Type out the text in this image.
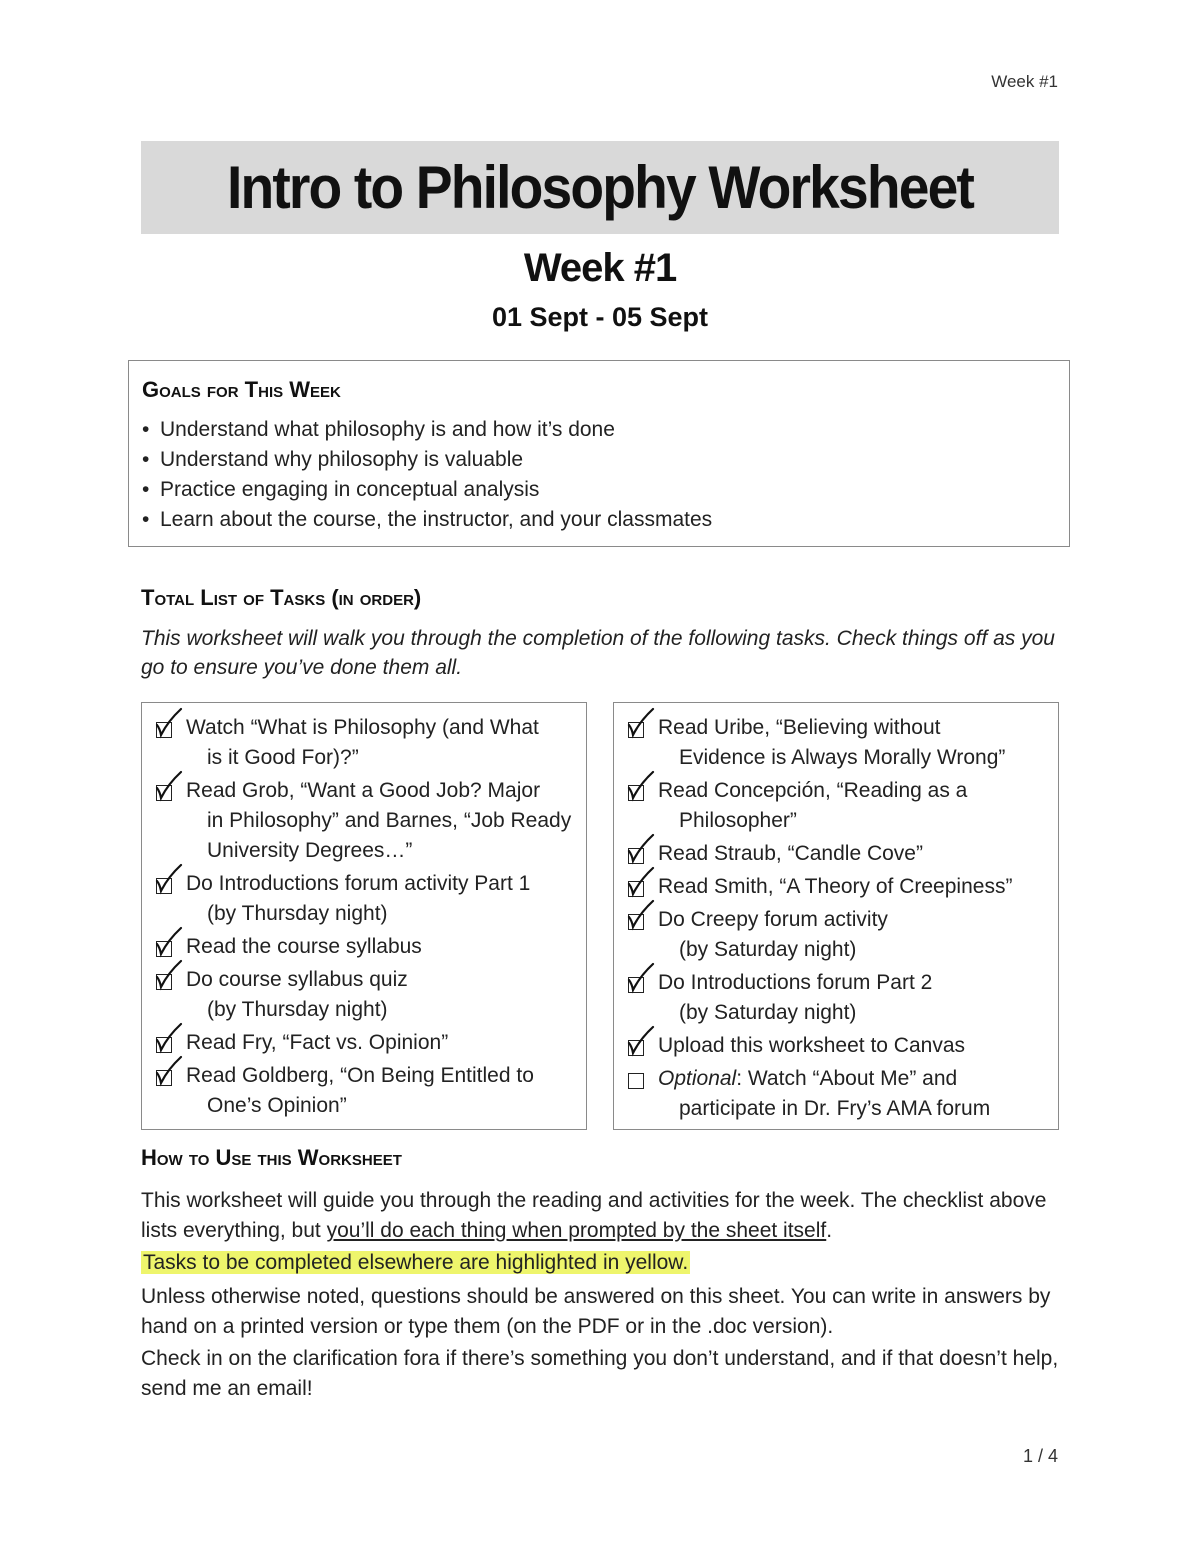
Week #1
Intro to Philosophy Worksheet
Week #1
01 Sept - 05 Sept
Goals for This Week
• Understand what philosophy is and how it’s done
• Understand why philosophy is valuable
• Practice engaging in conceptual analysis
• Learn about the course, the instructor, and your classmates
Total List of Tasks (in order)
This worksheet will walk you through the completion of the following tasks. Check things off as you go to ensure you’ve done them all.
Watch “What is Philosophy (and What
is it Good For)?”
Read Grob, “Want a Good Job? Major
in Philosophy” and Barnes, “Job Ready University Degrees…”
Do Introductions forum activity Part 1
(by Thursday night)
Read the course syllabus
Do course syllabus quiz
(by Thursday night)
Read Fry, “Fact vs. Opinion”
Read Goldberg, “On Being Entitled to
One’s Opinion”
Read Uribe, “Believing without
Evidence is Always Morally Wrong”
Read Concepción, “Reading as a
Philosopher”
Read Straub, “Candle Cove”
Read Smith, “A Theory of Creepiness”
Do Creepy forum activity
(by Saturday night)
Do Introductions forum Part 2
(by Saturday night)
Upload this worksheet to Canvas
Optional: Watch “About Me” and
participate in Dr. Fry’s AMA forum
How to Use this Worksheet

This worksheet will guide you through the reading and activities for the week. The checklist above lists everything, but you’ll do each thing when prompted by the sheet itself.

Tasks to be completed elsewhere are highlighted in yellow.

Unless otherwise noted, questions should be answered on this sheet. You can write in answers by hand on a printed version or type them (on the PDF or in the .doc version).

Check in on the clarification fora if there’s something you don’t understand, and if that doesn’t help, send me an email!

1 / 4
